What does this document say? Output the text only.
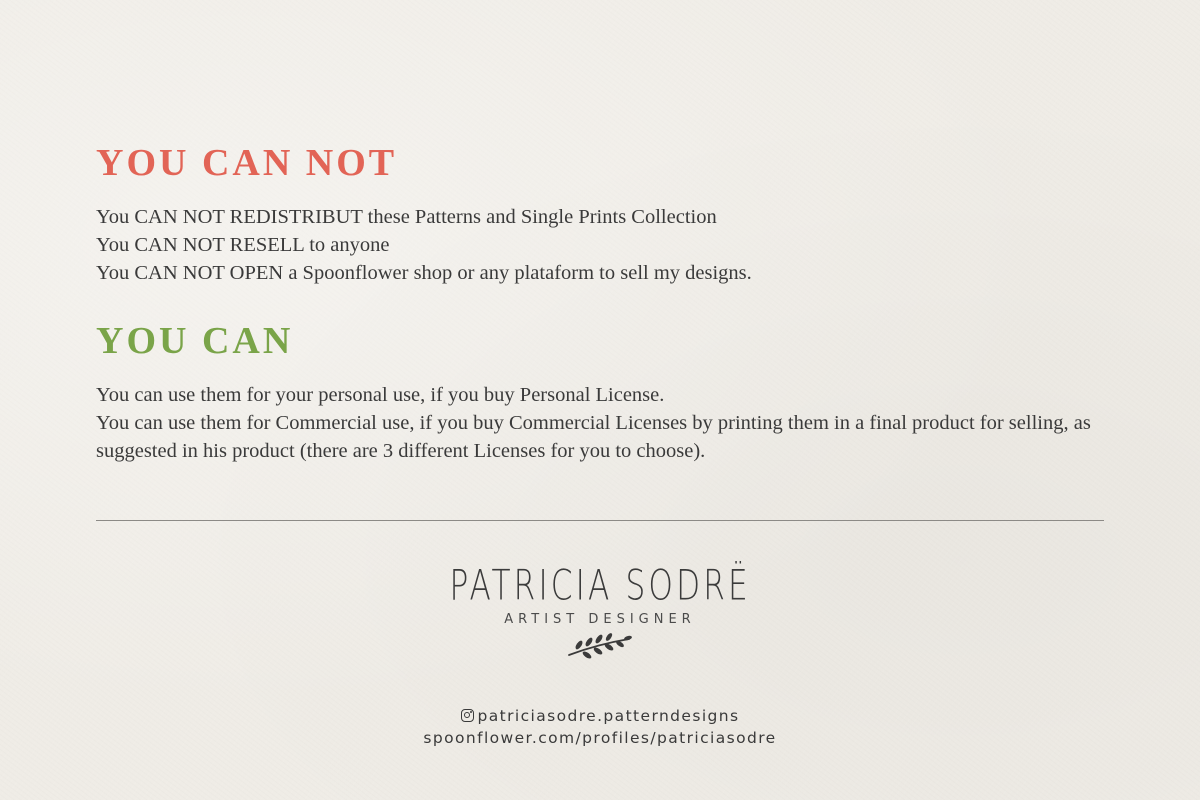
YOU CAN NOT

You CAN NOT REDISTRIBUT these Patterns and Single Prints Collection

You CAN NOT RESELL to anyone

You CAN NOT OPEN a Spoonflower shop or any plataform to sell my designs.

YOU CAN

You can use them for your personal use, if you buy Personal License.

You can use them for Commercial use, if you buy Commercial Licenses by printing them in a final product for selling, as suggested in his product (there are 3 different Licenses for you to choose).

PATRICIA SODRË
ARTIST DESIGNER
patriciasodre.patterndesigns
spoonflower.com/profiles/patriciasodre
